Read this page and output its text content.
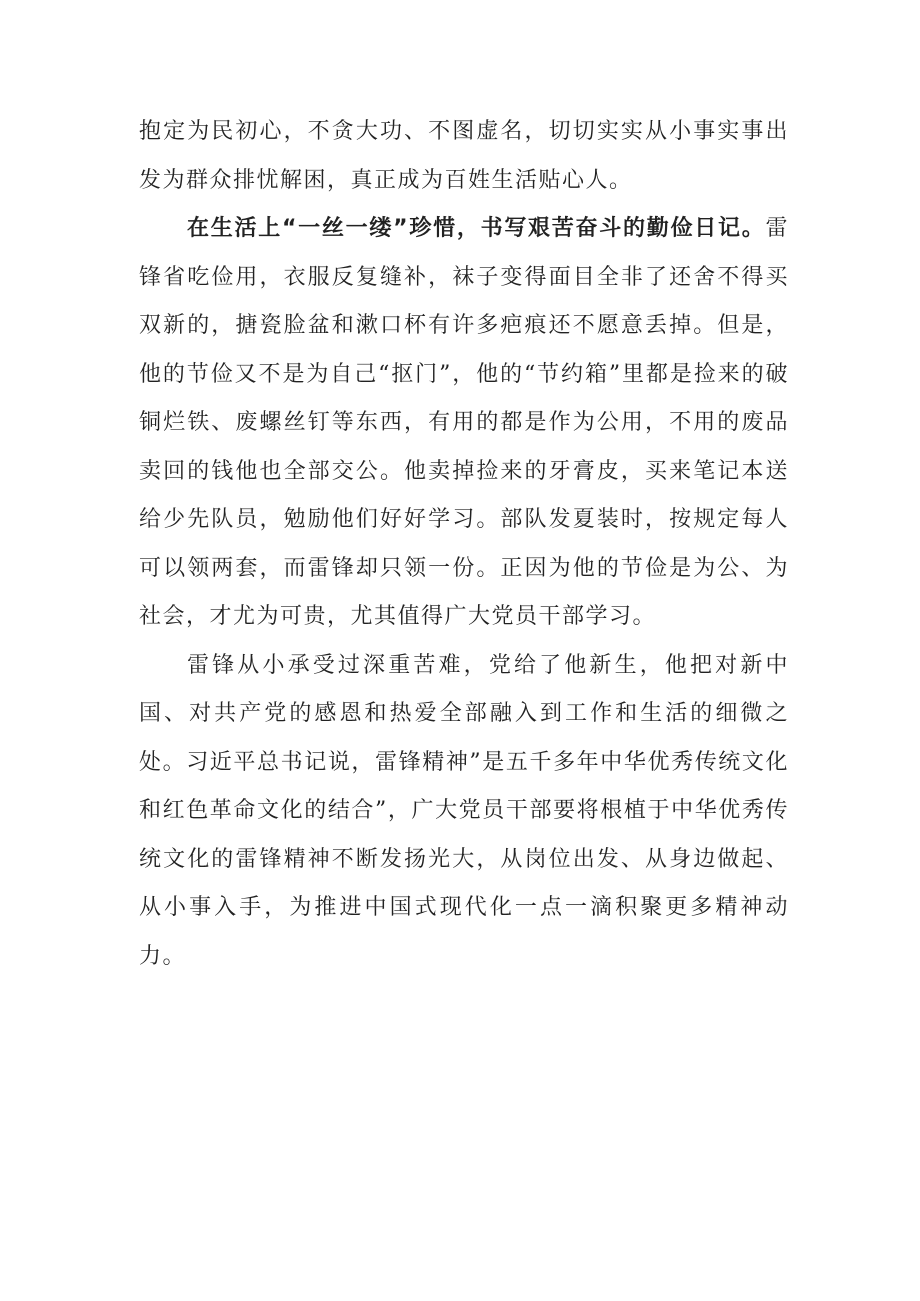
抱定为民初心，不贪大功、不图虚名，切切实实从小事实事出发为群众排忧解困，真正成为百姓生活贴心人。

在生活上“一丝一缕”珍惜，书写艰苦奋斗的勤俭日记。雷锋省吃俭用，衣服反复缝补，袜子变得面目全非了还舍不得买双新的，搪瓷脸盆和漱口杯有许多疤痕还不愿意丢掉。但是，他的节俭又不是为自己“抠门”，他的“节约箱”里都是捡来的破铜烂铁、废螺丝钉等东西，有用的都是作为公用，不用的废品卖回的钱他也全部交公。他卖掉捡来的牙膏皮，买来笔记本送给少先队员，勉励他们好好学习。部队发夏装时，按规定每人可以领两套，而雷锋却只领一份。正因为他的节俭是为公、为社会，才尤为可贵，尤其值得广大党员干部学习。

雷锋从小承受过深重苦难，党给了他新生，他把对新中国、对共产党的感恩和热爱全部融入到工作和生活的细微之处。习近平总书记说，雷锋精神”是五千多年中华优秀传统文化和红色革命文化的结合”，广大党员干部要将根植于中华优秀传统文化的雷锋精神不断发扬光大，从岗位出发、从身边做起、从小事入手，为推进中国式现代化一点一滴积聚更多精神动力。
